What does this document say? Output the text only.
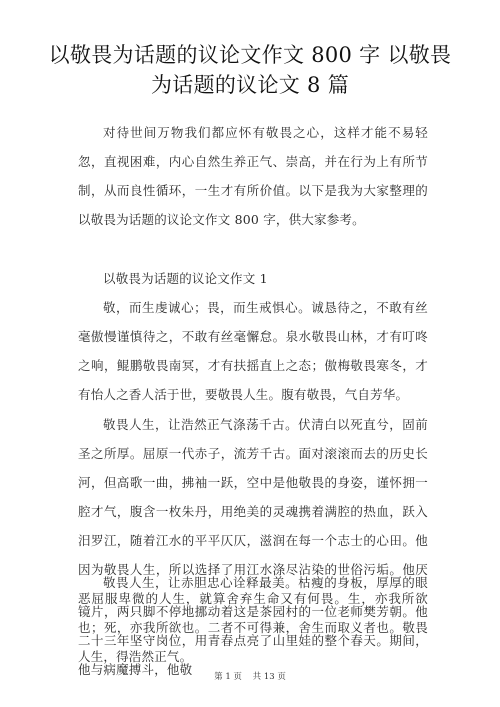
以敬畏为话题的议论文作文 800 字 以敬畏为话题的议论文 8 篇
对待世间万物我们都应怀有敬畏之心，这样才能不易轻忽，直视困难，内心自然生养正气、崇高，并在行为上有所节制，从而良性循环，一生才有所价值。以下是我为大家整理的以敬畏为话题的议论文作文 800 字，供大家参考。
以敬畏为话题的议论文作文 1
敬，而生虔诚心；畏，而生戒惧心。诚恳待之，不敢有丝毫傲慢谨慎待之，不敢有丝毫懈怠。泉水敬畏山林，才有叮咚之响，鲲鹏敬畏南冥，才有扶摇直上之态；傲梅敬畏寒冬，才有怡人之香人活于世，要敬畏人生。腹有敬畏，气自芳华。
敬畏人生，让浩然正气涤荡千古。伏清白以死直兮，固前圣之所厚。屈原一代赤子，流芳千古。面对滚滚而去的历史长河，但高歌一曲，拂袖一跃，空中是他敬畏的身姿，谨怀拥一腔才气，腹含一枚朱丹，用绝美的灵魂携着满腔的热血，跃入汨罗江，随着江水的平平仄仄，滋润在每一个志士的心田。他因为敬畏人生，所以选择了用江水涤尽沾染的世俗污垢。他厌恶屈服卑微的人生，就算舍弃生命又有何畏。生，亦我所欲也；死，亦我所欲也。二者不可得兼，舍生而取义者也。敬畏人生，得浩然正气。
敬畏人生，让赤胆忠心诠释最美。枯瘦的身板，厚厚的眼镜片，两只脚不停地挪动着这是茶园村的一位老师樊芳朝。他二十三年坚守岗位，用青春点亮了山里娃的整个春天。期间，他与病魔搏斗，他敬	第 1 页 共 13 页
